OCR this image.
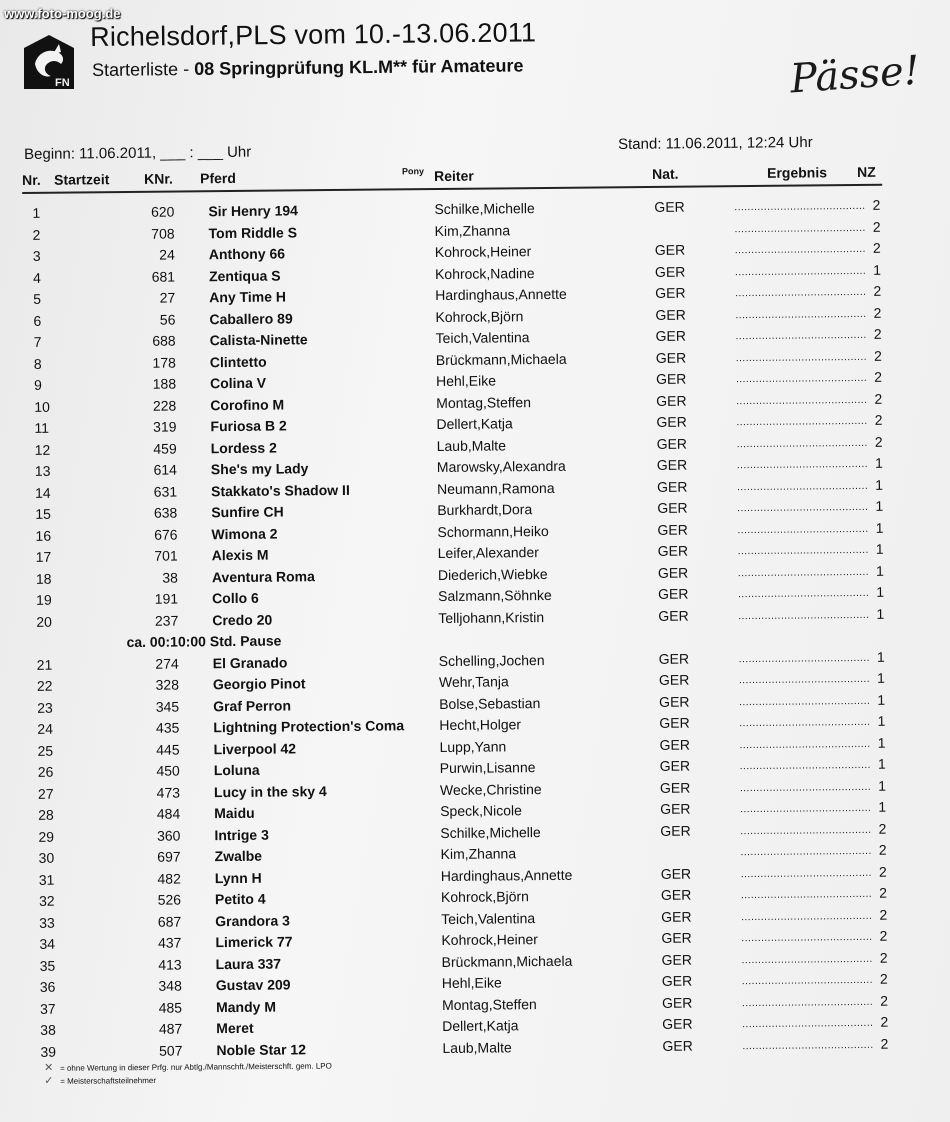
www.foto-moog.de
FN
Richelsdorf,PLS vom 10.-13.06.2011
Starterliste - 08 Springprüfung KL.M** für Amateure	Pässe!
Beginn: 11.06.2011, ___ : ___ Uhr
Stand: 11.06.2011, 12:24 Uhr
Nr. Startzeit KNr. Pferd	Pony Reiter	Nat.	Ergebnis NZ
1	620 Sir Henry 194	Schilke,Michelle	GER	........................................ 2
2	708 Tom Riddle S	Kim,Zhanna	........................................ 2
3	24 Anthony 66	Kohrock,Heiner	GER	........................................ 2
4	681 Zentiqua S	Kohrock,Nadine	GER	........................................ 1
5	27 Any Time H	Hardinghaus,Annette	GER	........................................ 2
6	56 Caballero 89	Kohrock,Björn	GER	........................................ 2
7	688 Calista-Ninette	Teich,Valentina	GER	........................................ 2
8	178 Clintetto	Brückmann,Michaela	GER	........................................ 2
9	188 Colina V	Hehl,Eike	GER	........................................ 2
10	228 Corofino M	Montag,Steffen	GER	........................................ 2
11	319 Furiosa B 2	Dellert,Katja	GER	........................................ 2
12	459 Lordess 2	Laub,Malte	GER	........................................ 2
13	614 She's my Lady	Marowsky,Alexandra	GER	........................................ 1
14	631 Stakkato's Shadow II	Neumann,Ramona	GER	........................................ 1
15	638 Sunfire CH	Burkhardt,Dora	GER	........................................ 1
16	676 Wimona 2	Schormann,Heiko	GER	........................................ 1
17	701 Alexis M	Leifer,Alexander	GER	........................................ 1
18	38 Aventura Roma	Diederich,Wiebke	GER	........................................ 1
19	191 Collo 6	Salzmann,Söhnke	GER	........................................ 1
20	237 Credo 20	Telljohann,Kristin	GER	........................................ 1
ca. 00:10:00 Std. Pause
21	274 El Granado	Schelling,Jochen	GER	........................................ 1
22	328 Georgio Pinot	Wehr,Tanja	GER	........................................ 1
23	345 Graf Perron	Bolse,Sebastian	GER	........................................ 1
24	435 Lightning Protection's Coma	Hecht,Holger	GER	........................................ 1
25	445 Liverpool 42	Lupp,Yann	GER	........................................ 1
26	450 Loluna	Purwin,Lisanne	GER	........................................ 1
27	473 Lucy in the sky 4	Wecke,Christine	GER	........................................ 1
28	484 Maidu	Speck,Nicole	GER	........................................ 1
29	360 Intrige 3	Schilke,Michelle	GER	........................................ 2
30	697 Zwalbe	Kim,Zhanna	........................................ 2
31	482 Lynn H	Hardinghaus,Annette	GER	........................................ 2
32	526 Petito 4	Kohrock,Björn	GER	........................................ 2
33	687 Grandora 3	Teich,Valentina	GER	........................................ 2
34	437 Limerick 77	Kohrock,Heiner	GER	........................................ 2
35	413 Laura 337	Brückmann,Michaela	GER	........................................ 2
36	348 Gustav 209	Hehl,Eike	GER	........................................ 2
37	485 Mandy M	Montag,Steffen	GER	........................................ 2
38	487 Meret	Dellert,Katja	GER	........................................ 2
39	507 Noble Star 12	Laub,Malte	GER	........................................ 2
✕ = ohne Wertung in dieser Prfg. nur Abtlg./Mannschft./Meisterschft. gem. LPO
✓ = Meisterschaftsteilnehmer
